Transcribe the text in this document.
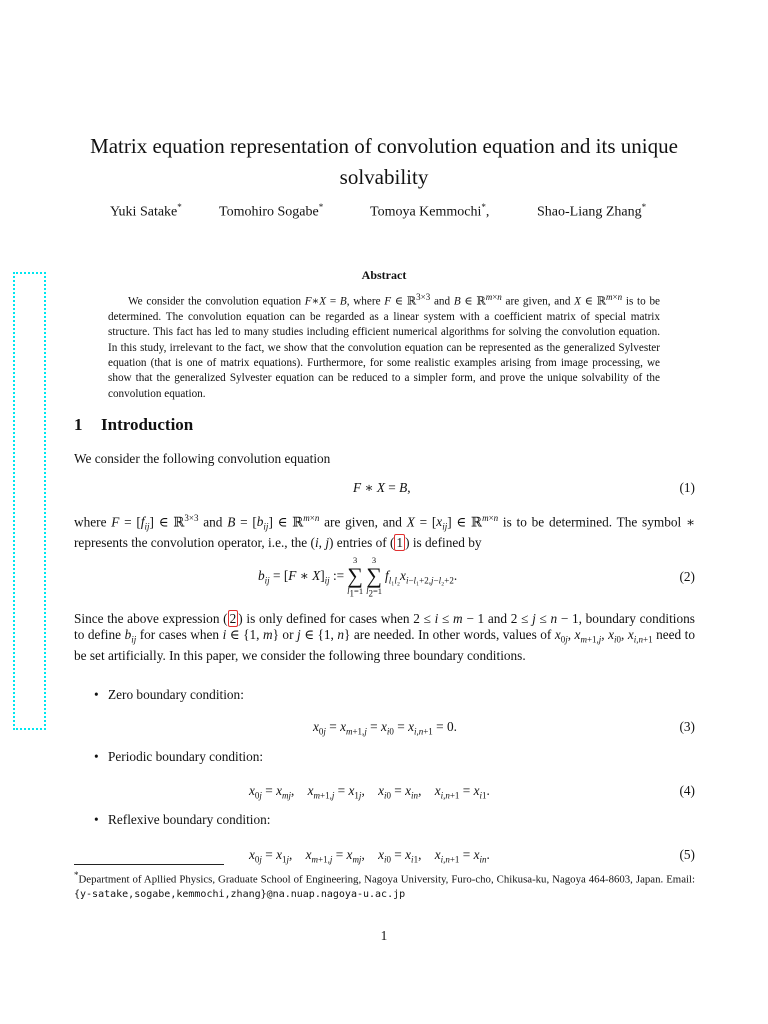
Matrix equation representation of convolution equation and its unique solvability
Yuki Satake*	Tomohiro Sogabe*	Tomoya Kemmochi*,	Shao-Liang Zhang*
Abstract
We consider the convolution equation F∗X = B, where F ∈ ℝ$^{3\times 3}$ and B ∈ ℝ$^{m\times n}$ are given, and X ∈ ℝ$^{m\times n}$ is to be determined. The convolution equation can be regarded as a linear system with a coefficient matrix of special matrix structure. This fact has led to many studies including efficient numerical algorithms for solving the convolution equation. In this study, irrelevant to the fact, we show that the convolution equation can be represented as the generalized Sylvester equation (that is one of matrix equations). Furthermore, for some realistic examples arising from image processing, we show that the generalized Sylvester equation can be reduced to a simpler form, and prove the unique solvability of the convolution equation.
1 Introduction
We consider the following convolution equation
F ∗ X = B,	(1)
where $F = [f_{ij}]$ ∈ ℝ$^{3\times 3}$ and $B = [b_{ij}]$ ∈ ℝ$^{m\times n}$ are given, and $X = [x_{ij}]$ ∈ ℝ$^{m\times n}$ is to be determined. The symbol ∗ represents the convolution operator, i.e., the (i, j) entries of ( 1 ) is defined by
$b_{ij} = [F$ ∗ $X]_{ij}$ :=
3
∑
$l_1=1$
3
∑
$l_2=1$
$f_{l_1l_2}x_{i-l_1+2,j-l_2+2}$.	(2)
Since the above expression ( 2 ) is only defined for cases when 2 ≤ i ≤ m − 1 and 2 ≤ j ≤ n − 1, boundary conditions to define $b_{ij}$ for cases when i ∈ {1, m} or j ∈ {1, n} are needed. In other words, values of $x_{0j}$, $x_{m+1,j}$, $x_{i0}$, $x_{i,n+1}$ need to be set artificially. In this paper, we consider the following three boundary conditions.
• Zero boundary condition:
$x_{0j} = x_{m+1,j} = x_{i0} = x_{i,n+1} = 0$.	(3)
• Periodic boundary condition:
$x_{0j} = x_{mj}$,    $x_{m+1,j} = x_{1j}$,    $x_{i0} = x_{in}$,    $x_{i,n+1} = x_{i1}$.	(4)
• Reflexive boundary condition:
$x_{0j} = x_{1j}$,    $x_{m+1,j} = x_{mj}$,    $x_{i0} = x_{i1}$,    $x_{i,n+1} = x_{in}$.	(5)
*Department of Apllied Physics, Graduate School of Engineering, Nagoya University, Furo-cho, Chikusa-ku, Nagoya 464-8603, Japan. Email: {y-satake,sogabe,kemmochi,zhang}@na.nuap.nagoya-u.ac.jp
1
